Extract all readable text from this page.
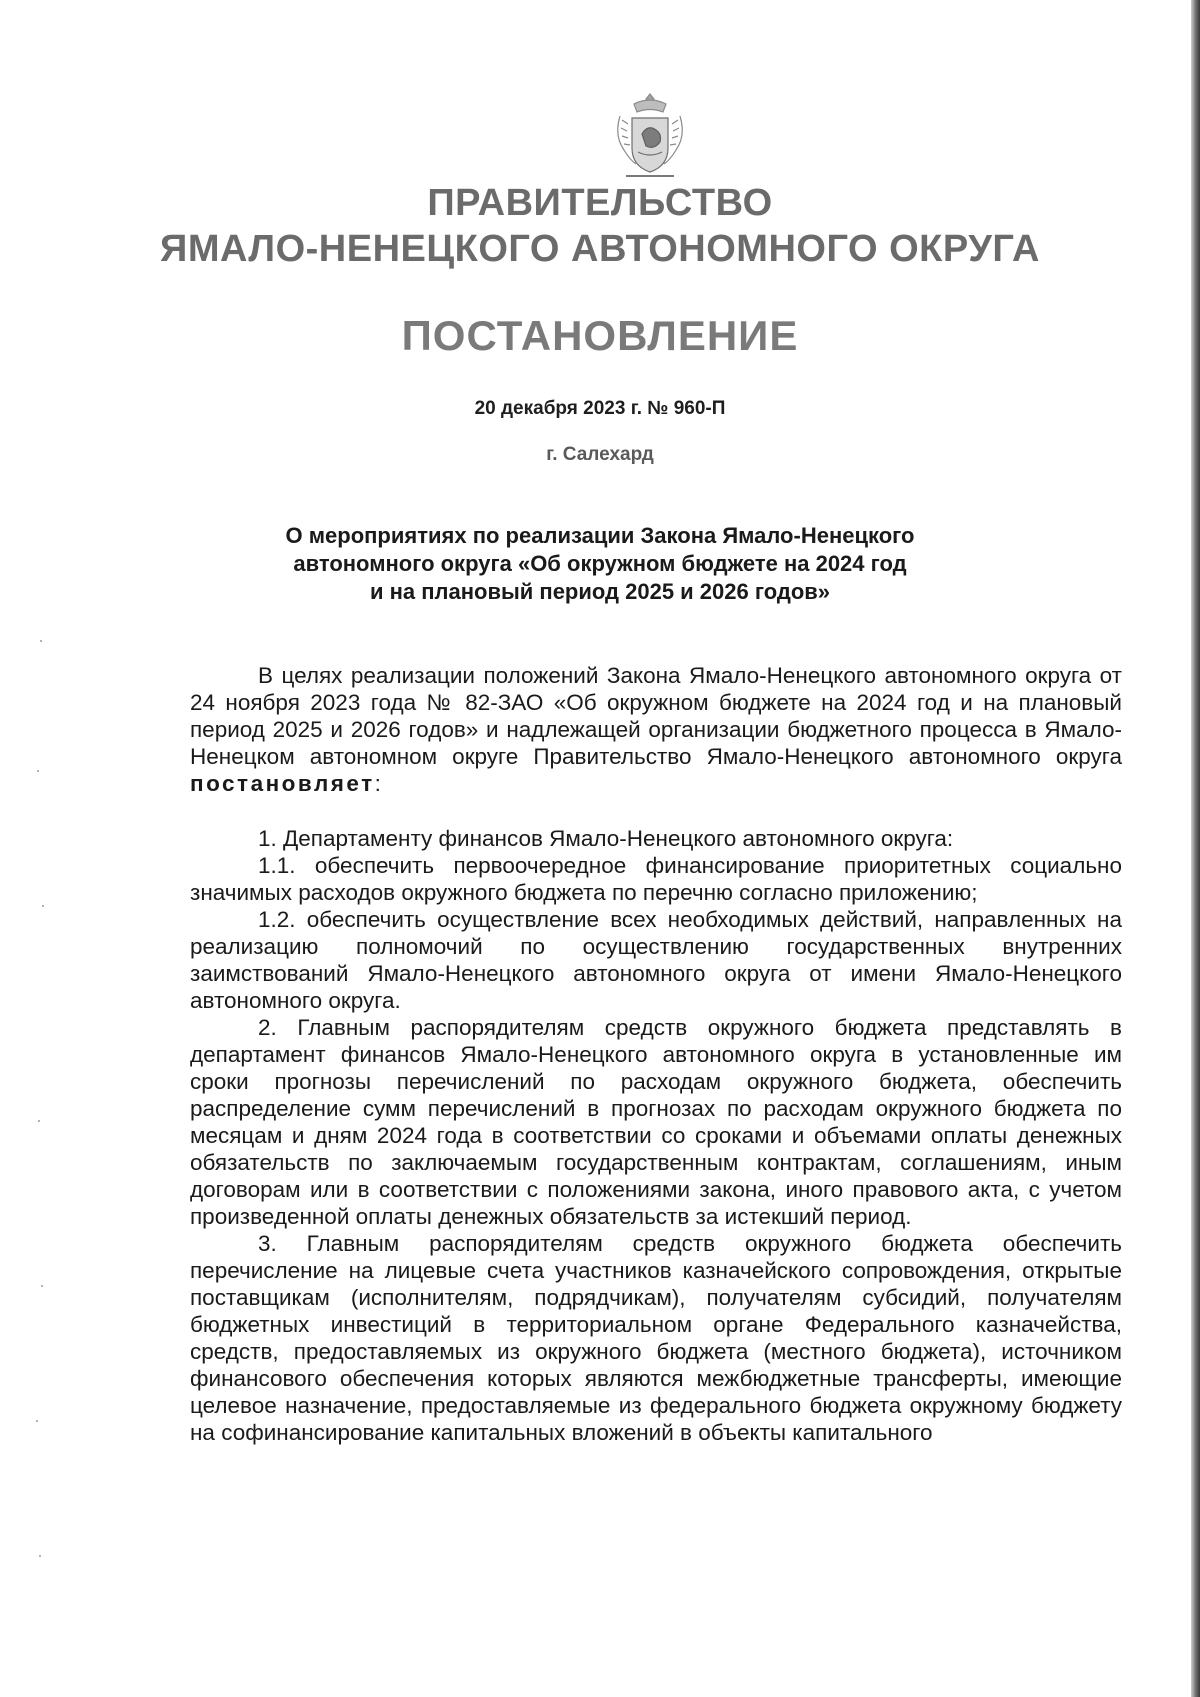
ПРАВИТЕЛЬСТВО
ЯМАЛО-НЕНЕЦКОГО АВТОНОМНОГО ОКРУГА
ПОСТАНОВЛЕНИЕ
20 декабря 2023 г. № 960-П
г. Салехард
О мероприятиях по реализации Закона Ямало-Ненецкого
автономного округа «Об окружном бюджете на 2024 год
и на плановый период 2025 и 2026 годов»

В целях реализации положений Закона Ямало-Ненецкого автономного округа от 24 ноября 2023 года № 82-ЗАО «Об окружном бюджете на 2024 год и на плановый период 2025 и 2026 годов» и надлежащей организации бюджетного процесса в Ямало-Ненецком автономном округе Правительство Ямало-Ненецкого автономного округа постановляет:

1. Департаменту финансов Ямало-Ненецкого автономного округа:

1.1. обеспечить первоочередное финансирование приоритетных социально значимых расходов окружного бюджета по перечню согласно приложению;

1.2. обеспечить осуществление всех необходимых действий, направленных на реализацию полномочий по осуществлению государственных внутренних заимствований Ямало-Ненецкого автономного округа от имени Ямало-Ненецкого автономного округа.

2. Главным распорядителям средств окружного бюджета представлять в департамент финансов Ямало-Ненецкого автономного округа в установленные им сроки прогнозы перечислений по расходам окружного бюджета, обеспечить распределение сумм перечислений в прогнозах по расходам окружного бюджета по месяцам и дням 2024 года в соответствии со сроками и объемами оплаты денежных обязательств по заключаемым государственным контрактам, соглашениям, иным договорам или в соответствии с положениями закона, иного правового акта, с учетом произведенной оплаты денежных обязательств за истекший период.

3. Главным распорядителям средств окружного бюджета обеспечить перечисление на лицевые счета участников казначейского сопровождения, открытые поставщикам (исполнителям, подрядчикам), получателям субсидий, получателям бюджетных инвестиций в территориальном органе Федерального казначейства, средств, предоставляемых из окружного бюджета (местного бюджета), источником финансового обеспечения которых являются межбюджетные трансферты, имеющие целевое назначение, предоставляемые из федерального бюджета окружному бюджету на софинансирование капитальных вложений в объекты капитального
